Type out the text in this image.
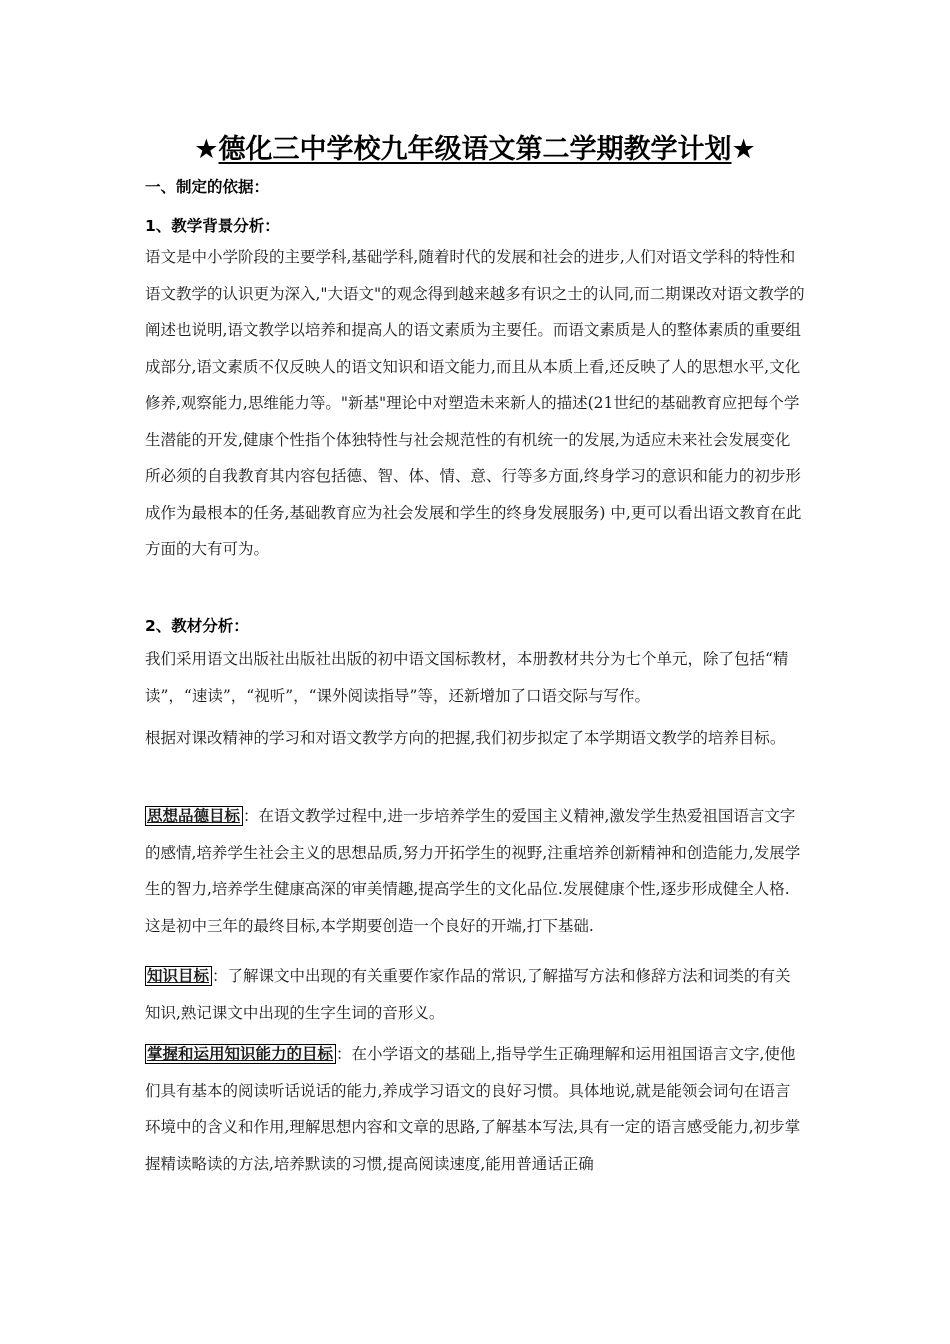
★德化三中学校九年级语文第二学期教学计划★
一、制定的依据：
1、教学背景分析：
语文是中小学阶段的主要学科,基础学科,随着时代的发展和社会的进步,人们对语文学科的特性和语文教学的认识更为深入,"大语文"的观念得到越来越多有识之士的认同,而二期课改对语文教学的阐述也说明,语文教学以培养和提高人的语文素质为主要任。而语文素质是人的整体素质的重要组成部分,语文素质不仅反映人的语文知识和语文能力,而且从本质上看,还反映了人的思想水平,文化修养,观察能力,思维能力等。"新基"理论中对塑造未来新人的描述(21世纪的基础教育应把每个学生潜能的开发,健康个性指个体独特性与社会规范性的有机统一的发展,为适应未来社会发展变化所必须的自我教育其内容包括德、智、体、情、意、行等多方面,终身学习的意识和能力的初步形成作为最根本的任务,基础教育应为社会发展和学生的终身发展服务) 中,更可以看出语文教育在此方面的大有可为。
2、教材分析：
我们采用语文出版社出版社出版的初中语文国标教材，本册教材共分为七个单元，除了包括“精读”，“速读”，“视听”，“课外阅读指导”等，还新增加了口语交际与写作。
根据对课改精神的学习和对语文教学方向的把握,我们初步拟定了本学期语文教学的培养目标。
思想品德目标 ：在语文教学过程中,进一步培养学生的爱国主义精神,激发学生热爱祖国语言文字的感情,培养学生社会主义的思想品质,努力开拓学生的视野,注重培养创新精神和创造能力,发展学生的智力,培养学生健康高深的审美情趣,提高学生的文化品位.发展健康个性,逐步形成健全人格.这是初中三年的最终目标,本学期要创造一个良好的开端,打下基础.
知识目标 ：了解课文中出现的有关重要作家作品的常识,了解描写方法和修辞方法和词类的有关知识,熟记课文中出现的生字生词的音形义。
掌握和运用知识能力的目标 ：在小学语文的基础上,指导学生正确理解和运用祖国语言文字,使他们具有基本的阅读听话说话的能力,养成学习语文的良好习惯。具体地说,就是能领会词句在语言环境中的含义和作用,理解思想内容和文章的思路,了解基本写法,具有一定的语言感受能力,初步掌握精读略读的方法,培养默读的习惯,提高阅读速度,能用普通话正确
